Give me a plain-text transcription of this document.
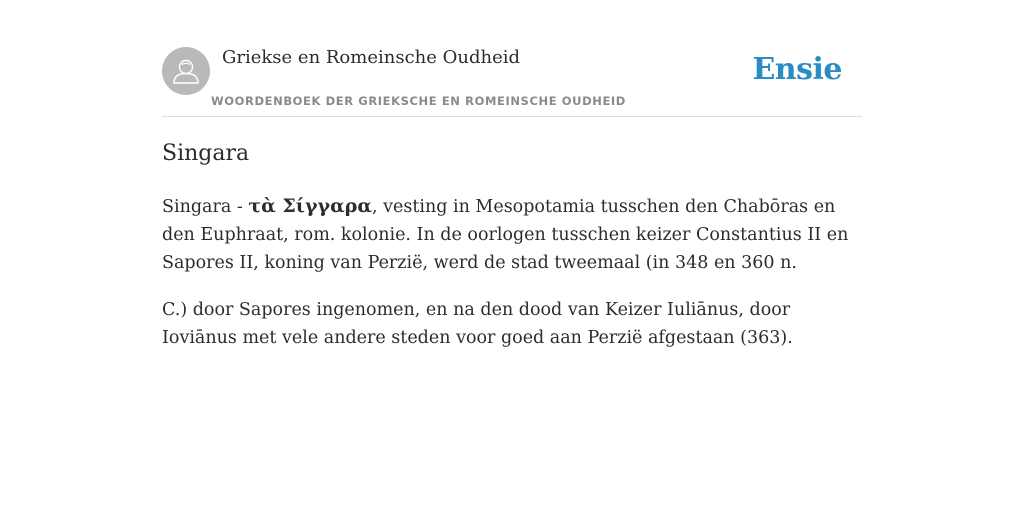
Griekse en Romeinsche Oudheid
WOORDENBOEK DER GRIEKSCHE EN ROMEINSCHE OUDHEID
Ensie
Singara

Singara - τὰ Σίγγαρα, vesting in Mesopotamia tusschen den Chabōras en den Euphraat, rom. kolonie. In de oorlogen tusschen keizer Constantius II en Sapores II, koning van Perzië, werd de stad tweemaal (in 348 en 360 n.

C.) door Sapores ingenomen, en na den dood van Keizer Iuliānus, door Ioviānus met vele andere steden voor goed aan Perzië afgestaan (363).
